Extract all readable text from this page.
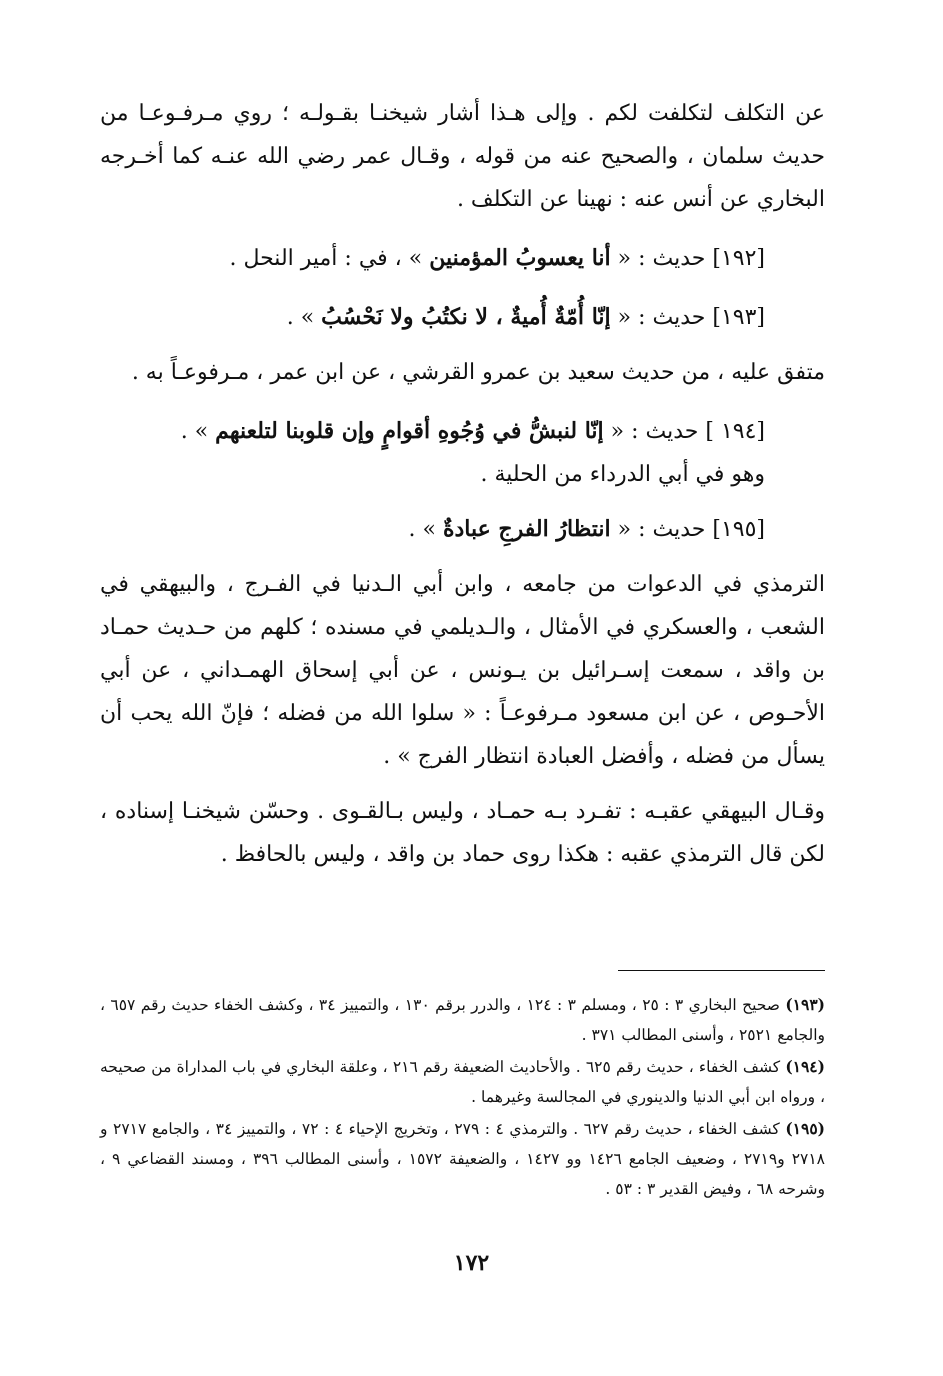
عن التكلف لتكلفت لكم . وإلى هـذا أشار شيخنـا بقـولـه ؛ روي مـرفـوعـا من حديث سلمان ، والصحيح عنه من قوله ، وقـال عمر رضي الله عنـه كما أخـرجه البخاري عن أنس عنه : نهينا عن التكلف .

[١٩٢] حديث : « أنا يعسوبُ المؤمنين » ، في : أمير النحل .

[١٩٣] حديث : « إنّا أُمّةٌ أُميةٌ ، لا نكتُبُ ولا نَحْسُبُ » .

متفق عليه ، من حديث سعيد بن عمرو القرشي ، عن ابن عمر ، مـرفوعـاً به .

[١٩٤ ] حديث : « إنّا لنبشُّ في وُجُوهِ أقوامٍ وإن قلوبنا لتلعنهم » .

وهو في أبي الدرداء من الحلية .

[١٩٥] حديث : « انتظارُ الفرجِ عبادةٌ » .

الترمذي في الدعوات من جامعه ، وابن أبي الـدنيا في الفـرج ، والبيهقي في الشعب ، والعسكري في الأمثال ، والـديلمي في مسنده ؛ كلهم من حـديث حمـاد بن واقد ، سمعت إسـرائيل بن يـونس ، عن أبي إسحاق الهمـداني ، عن أبي الأحـوص ، عن ابن مسعود مـرفوعـاً : « سلوا الله من فضله ؛ فإنّ الله يحب أن يسأل من فضله ، وأفضل العبادة انتظار الفرج » .

وقـال البيهقي عقبـه : تفـرد بـه حمـاد ، وليس بـالقـوى . وحسّن شيخنـا إسناده ، لكن قال الترمذي عقبه : هكذا روى حماد بن واقد ، وليس بالحافظ .

(١٩٣) صحيح البخاري ٣ : ٢٥ ، ومسلم ٣ : ١٢٤ ، والدرر برقم ١٣٠ ، والتمييز ٣٤ ، وكشف الخفاء حديث رقم ٦٥٧ ، والجامع ٢٥٢١ ، وأسنى المطالب ٣٧١ .

(١٩٤) كشف الخفاء ، حديث رقم ٦٢٥ . والأحاديث الضعيفة رقم ٢١٦ ، وعلقة البخاري في باب المداراة من صحيحه ، ورواه ابن أبي الدنيا والدينوري في المجالسة وغيرهما .

(١٩٥) كشف الخفاء ، حديث رقم ٦٢٧ . والترمذي ٤ : ٢٧٩ ، وتخريج الإحياء ٤ : ٧٢ ، والتمييز ٣٤ ، والجامع ٢٧١٧ و ٢٧١٨ و٢٧١٩ ، وضعيف الجامع ١٤٢٦ وو ١٤٢٧ ، والضعيفة ١٥٧٢ ، وأسنى المطالب ٣٩٦ ، ومسند القضاعي ٩ ، وشرحه ٦٨ ، وفيض القدير ٣ : ٥٣ .

١٧٢
